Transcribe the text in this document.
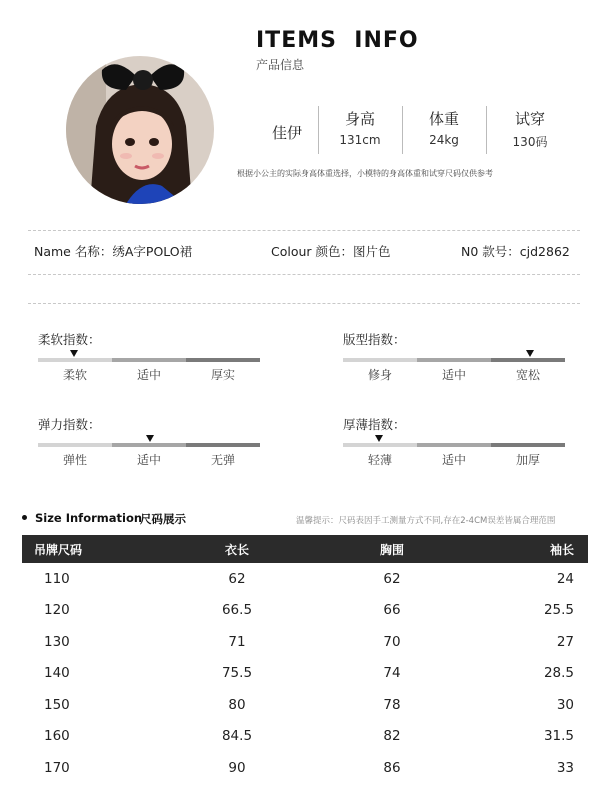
ITEMS  INFO
产品信息
佳伊
身高
131cm
体重
24kg
试穿
130码
根据小公主的实际身高体重选择，小模特的身高体重和试穿尺码仅供参考
Name 名称：绣A字POLO裙	Colour 颜色：图片色	N0 款号：cjd2862
柔软指数：
柔软	适中	厚实
版型指数：
修身	适中	宽松
弹力指数：
弹性	适中	无弹
厚薄指数：
轻薄	适中	加厚
Size Information
尺码展示	温馨提示：尺码表因手工测量方式不同,存在2-4CM误差皆属合理范围
吊牌尺码	衣长	胸围	袖长
110	62	62	24
120	66.5	66	25.5
130	71	70	27
140	75.5	74	28.5
150	80	78	30
160	84.5	82	31.5
170	90	86	33
